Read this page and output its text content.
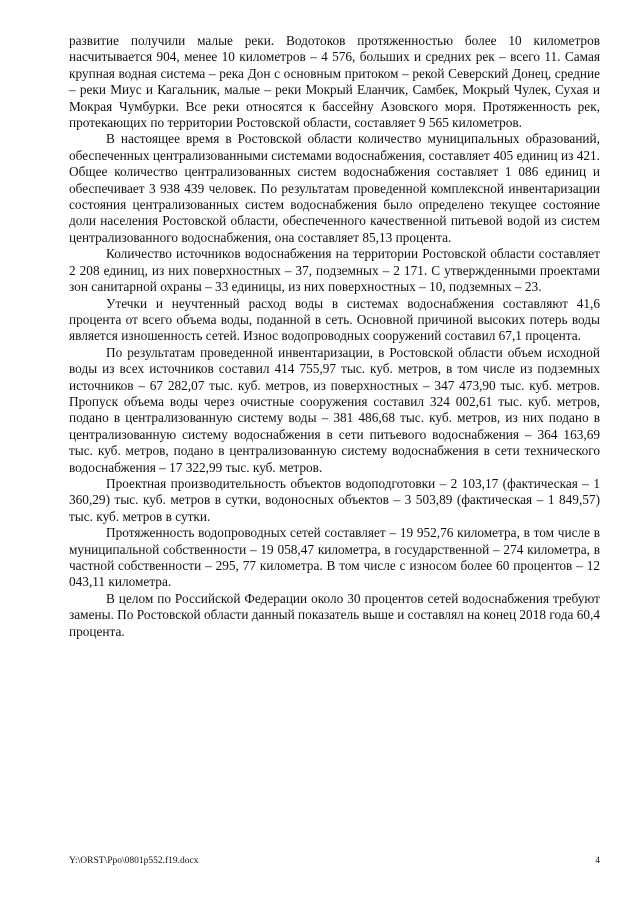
развитие получили малые реки. Водотоков протяженностью более 10 километров насчитывается 904, менее 10 километров – 4 576, больших и средних рек – всего 11. Самая крупная водная система – река Дон с основным притоком – рекой Северский Донец, средние – реки Миус и Кагальник, малые – реки Мокрый Еланчик, Самбек, Мокрый Чулек, Сухая и Мокрая Чумбурки. Все реки относятся к бассейну Азовского моря. Протяженность рек, протекающих по территории Ростовской области, составляет 9 565 километров.

В настоящее время в Ростовской области количество муниципальных образований, обеспеченных централизованными системами водоснабжения, составляет 405 единиц из 421. Общее количество централизованных систем водоснабжения составляет 1 086 единиц и обеспечивает 3 938 439 человек. По результатам проведенной комплексной инвентаризации состояния централизованных систем водоснабжения было определено текущее состояние доли населения Ростовской области, обеспеченного качественной питьевой водой из систем централизованного водоснабжения, она составляет 85,13 процента.

Количество источников водоснабжения на территории Ростовской области составляет 2 208 единиц, из них поверхностных – 37, подземных – 2 171. С утвержденными проектами зон санитарной охраны – 33 единицы, из них поверхностных – 10, подземных – 23.

Утечки и неучтенный расход воды в системах водоснабжения составляют 41,6 процента от всего объема воды, поданной в сеть. Основной причиной высоких потерь воды является изношенность сетей. Износ водопроводных сооружений составил 67,1 процента.

По результатам проведенной инвентаризации, в Ростовской области объем исходной воды из всех источников составил 414 755,97 тыс. куб. метров, в том числе из подземных источников – 67 282,07 тыс. куб. метров, из поверхностных – 347 473,90 тыс. куб. метров. Пропуск объема воды через очистные сооружения составил 324 002,61 тыс. куб. метров, подано в централизованную систему воды – 381 486,68 тыс. куб. метров, из них подано в централизованную систему водоснабжения в сети питьевого водоснабжения – 364 163,69 тыс. куб. метров, подано в централизованную систему водоснабжения в сети технического водоснабжения – 17 322,99 тыс. куб. метров.

Проектная производительность объектов водоподготовки – 2 103,17 (фактическая – 1 360,29) тыс. куб. метров в сутки, водоносных объектов – 3 503,89 (фактическая – 1 849,57) тыс. куб. метров в сутки.

Протяженность водопроводных сетей составляет – 19 952,76 километра, в том числе в муниципальной собственности – 19 058,47 километра, в государственной – 274 километра, в частной собственности – 295, 77 километра. В том числе с износом более 60 процентов – 12 043,11 километра.

В целом по Российской Федерации около 30 процентов сетей водоснабжения требуют замены. По Ростовской области данный показатель выше и составлял на конец 2018 года 60,4 процента.

Y:\ORST\Ppo\0801p552.f19.docx	4
